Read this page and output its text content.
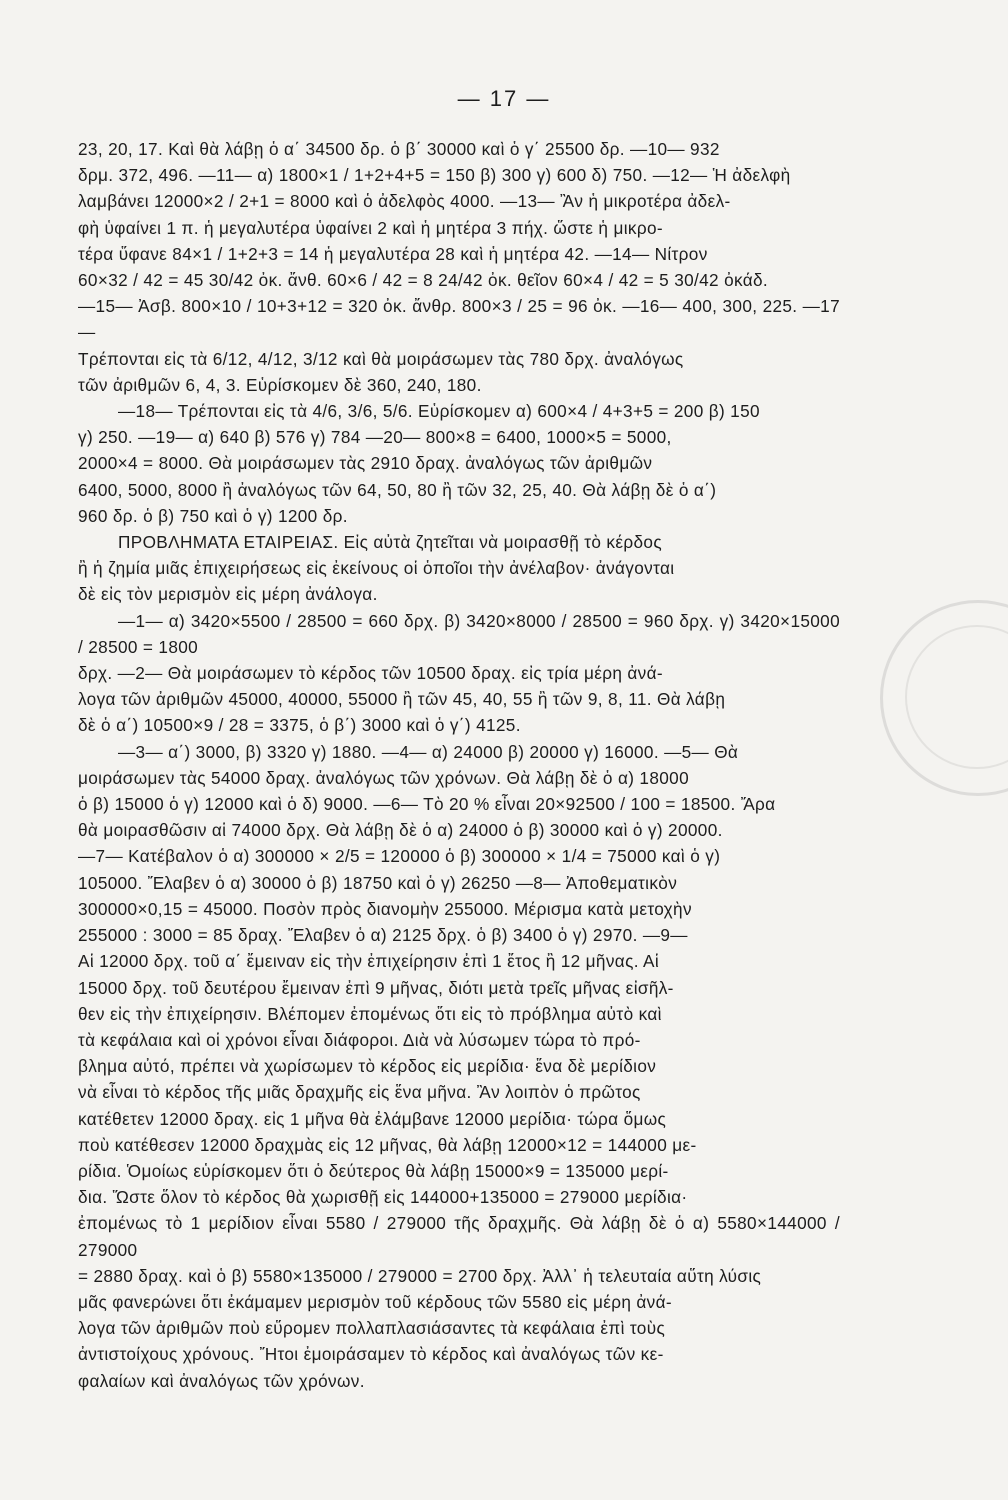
— 17 —

23, 20, 17. Καὶ θὰ λάβῃ ὁ α΄ 34500 δρ. ὁ β΄ 30000 καὶ ὁ γ΄ 25500 δρ. —10— 932

δρμ. 372, 496. —11— α) 1800×1 / 1+2+4+5 = 150 β) 300 γ) 600 δ) 750. —12— Ἡ ἀδελφὴ

λαμβάνει 12000×2 / 2+1 = 8000 καὶ ὁ ἀδελφὸς 4000. —13— Ἂν ἡ μικροτέρα ἀδελ-

φὴ ὑφαίνει 1 π. ἡ μεγαλυτέρα ὑφαίνει 2 καὶ ἡ μητέρα 3 πήχ. ὥστε ἡ μικρο-

τέρα ὕφανε 84×1 / 1+2+3 = 14 ἡ μεγαλυτέρα 28 καὶ ἡ μητέρα 42. —14— Νίτρον

60×32 / 42 = 45 30/42 ὀκ. ἄνθ. 60×6 / 42 = 8 24/42 ὀκ. θεῖον 60×4 / 42 = 5 30/42 ὀκάδ.

—15— Ἀσβ. 800×10 / 10+3+12 = 320 ὀκ. ἄνθρ. 800×3 / 25 = 96 ὀκ. —16— 400, 300, 225. —17—

Τρέπονται εἰς τὰ 6/12, 4/12, 3/12 καὶ θὰ μοιράσωμεν τὰς 780 δρχ. ἀναλόγως

τῶν ἀριθμῶν 6, 4, 3. Εὑρίσκομεν δὲ 360, 240, 180.

—18— Τρέπονται εἰς τὰ 4/6, 3/6, 5/6. Εὑρίσκομεν α) 600×4 / 4+3+5 = 200 β) 150

γ) 250. —19— α) 640 β) 576 γ) 784 —20— 800×8 = 6400, 1000×5 = 5000,

2000×4 = 8000. Θὰ μοιράσωμεν τὰς 2910 δραχ. ἀναλόγως τῶν ἀριθμῶν

6400, 5000, 8000 ἢ ἀναλόγως τῶν 64, 50, 80 ἢ τῶν 32, 25, 40. Θὰ λάβῃ δὲ ὁ α΄)

960 δρ. ὁ β) 750 καὶ ὁ γ) 1200 δρ.

ΠΡΟΒΛΗΜΑΤΑ ΕΤΑΙΡΕΙΑΣ. Εἰς αὐτὰ ζητεῖται νὰ μοιρασθῇ τὸ κέρδος

ἢ ἡ ζημία μιᾶς ἐπιχειρήσεως εἰς ἐκείνους οἱ ὁποῖοι τὴν ἀνέλαβον· ἀνάγονται

δὲ εἰς τὸν μερισμὸν εἰς μέρη ἀνάλογα.

—1— α) 3420×5500 / 28500 = 660 δρχ. β) 3420×8000 / 28500 = 960 δρχ. γ) 3420×15000 / 28500 = 1800

δρχ. —2— Θὰ μοιράσωμεν τὸ κέρδος τῶν 10500 δραχ. εἰς τρία μέρη ἀνά-

λογα τῶν ἀριθμῶν 45000, 40000, 55000 ἢ τῶν 45, 40, 55 ἢ τῶν 9, 8, 11. Θὰ λάβῃ

δὲ ὁ α΄) 10500×9 / 28 = 3375, ὁ β΄) 3000 καὶ ὁ γ΄) 4125.

—3— α΄) 3000, β) 3320 γ) 1880. —4— α) 24000 β) 20000 γ) 16000. —5— Θὰ

μοιράσωμεν τὰς 54000 δραχ. ἀναλόγως τῶν χρόνων. Θὰ λάβῃ δὲ ὁ α) 18000

ὁ β) 15000 ὁ γ) 12000 καὶ ὁ δ) 9000. —6— Τὸ 20 % εἶναι 20×92500 / 100 = 18500. Ἄρα

θὰ μοιρασθῶσιν αἱ 74000 δρχ. Θὰ λάβῃ δὲ ὁ α) 24000 ὁ β) 30000 καὶ ὁ γ) 20000.

—7— Κατέβαλον ὁ α) 300000 × 2/5 = 120000 ὁ β) 300000 × 1/4 = 75000 καὶ ὁ γ)

105000. Ἔλαβεν ὁ α) 30000 ὁ β) 18750 καὶ ὁ γ) 26250 —8— Ἀποθεματικὸν

300000×0,15 = 45000. Ποσὸν πρὸς διανομὴν 255000. Μέρισμα κατὰ μετοχὴν

255000 : 3000 = 85 δραχ. Ἔλαβεν ὁ α) 2125 δρχ. ὁ β) 3400 ὁ γ) 2970. —9—

Αἱ 12000 δρχ. τοῦ α΄ ἔμειναν εἰς τὴν ἐπιχείρησιν ἐπὶ 1 ἔτος ἢ 12 μῆνας. Αἱ

15000 δρχ. τοῦ δευτέρου ἔμειναν ἐπὶ 9 μῆνας, διότι μετὰ τρεῖς μῆνας εἰσῆλ-

θεν εἰς τὴν ἐπιχείρησιν. Βλέπομεν ἐπομένως ὅτι εἰς τὸ πρόβλημα αὐτὸ καὶ

τὰ κεφάλαια καὶ οἱ χρόνοι εἶναι διάφοροι. Διὰ νὰ λύσωμεν τώρα τὸ πρό-

βλημα αὐτό, πρέπει νὰ χωρίσωμεν τὸ κέρδος εἰς μερίδια· ἕνα δὲ μερίδιον

νὰ εἶναι τὸ κέρδος τῆς μιᾶς δραχμῆς εἰς ἕνα μῆνα. Ἂν λοιπὸν ὁ πρῶτος

κατέθετεν 12000 δραχ. εἰς 1 μῆνα θὰ ἐλάμβανε 12000 μερίδια· τώρα ὅμως

ποὺ κατέθεσεν 12000 δραχμὰς εἰς 12 μῆνας, θὰ λάβῃ 12000×12 = 144000 με-

ρίδια. Ὁμοίως εὑρίσκομεν ὅτι ὁ δεύτερος θὰ λάβῃ 15000×9 = 135000 μερί-

δια. Ὥστε ὅλον τὸ κέρδος θὰ χωρισθῇ εἰς 144000+135000 = 279000 μερίδια·

ἐπομένως τὸ 1 μερίδιον εἶναι 5580 / 279000 τῆς δραχμῆς. Θὰ λάβῃ δὲ ὁ α) 5580×144000 / 279000

= 2880 δραχ. καὶ ὁ β) 5580×135000 / 279000 = 2700 δρχ. Ἀλλ᾽ ἡ τελευταία αὕτη λύσις

μᾶς φανερώνει ὅτι ἐκάμαμεν μερισμὸν τοῦ κέρδους τῶν 5580 εἰς μέρη ἀνά-

λογα τῶν ἀριθμῶν ποὺ εὕρομεν πολλαπλασιάσαντες τὰ κεφάλαια ἐπὶ τοὺς

ἀντιστοίχους χρόνους. Ἤτοι ἐμοιράσαμεν τὸ κέρδος καὶ ἀναλόγως τῶν κε-

φαλαίων καὶ ἀναλόγως τῶν χρόνων.
